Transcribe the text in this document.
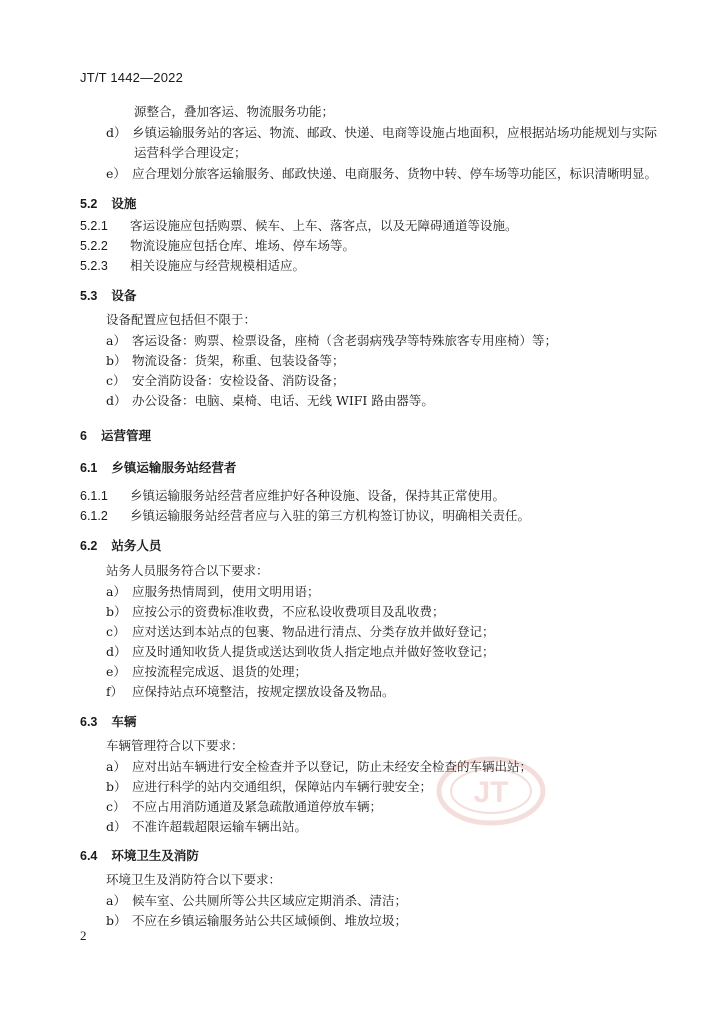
JT/T 1442—2022
源整合，叠加客运、物流服务功能；
d） 乡镇运输服务站的客运、物流、邮政、快递、电商等设施占地面积，应根据站场功能规划与实际
运营科学合理设定；
e） 应合理划分旅客运输服务、邮政快递、电商服务、货物中转、停车场等功能区，标识清晰明显。
5.2 设施
5.2.1 客运设施应包括购票、候车、上车、落客点，以及无障碍通道等设施。
5.2.2 物流设施应包括仓库、堆场、停车场等。
5.2.3 相关设施应与经营规模相适应。
5.3 设备
设备配置应包括但不限于：
a） 客运设备：购票、检票设备，座椅（含老弱病残孕等特殊旅客专用座椅）等；
b） 物流设备：货架，称重、包装设备等；
c） 安全消防设备：安检设备、消防设备；
d） 办公设备：电脑、桌椅、电话、无线 WIFI 路由器等。
6 运营管理
6.1 乡镇运输服务站经营者
6.1.1 乡镇运输服务站经营者应维护好各种设施、设备，保持其正常使用。
6.1.2 乡镇运输服务站经营者应与入驻的第三方机构签订协议，明确相关责任。
6.2 站务人员
站务人员服务符合以下要求：
a） 应服务热情周到，使用文明用语；
b） 应按公示的资费标准收费，不应私设收费项目及乱收费；
c） 应对送达到本站点的包裹、物品进行清点、分类存放并做好登记；
d） 应及时通知收货人提货或送达到收货人指定地点并做好签收登记；
e） 应按流程完成返、退货的处理；
f） 应保持站点环境整洁，按规定摆放设备及物品。
6.3 车辆
车辆管理符合以下要求：
a） 应对出站车辆进行安全检查并予以登记，防止未经安全检查的车辆出站；
b） 应进行科学的站内交通组织，保障站内车辆行驶安全；
c） 不应占用消防通道及紧急疏散通道停放车辆；
d） 不准许超载超限运输车辆出站。
6.4 环境卫生及消防
环境卫生及消防符合以下要求：
a） 候车室、公共厕所等公共区域应定期消杀、清洁；
b） 不应在乡镇运输服务站公共区域倾倒、堆放垃圾；
JT
2
